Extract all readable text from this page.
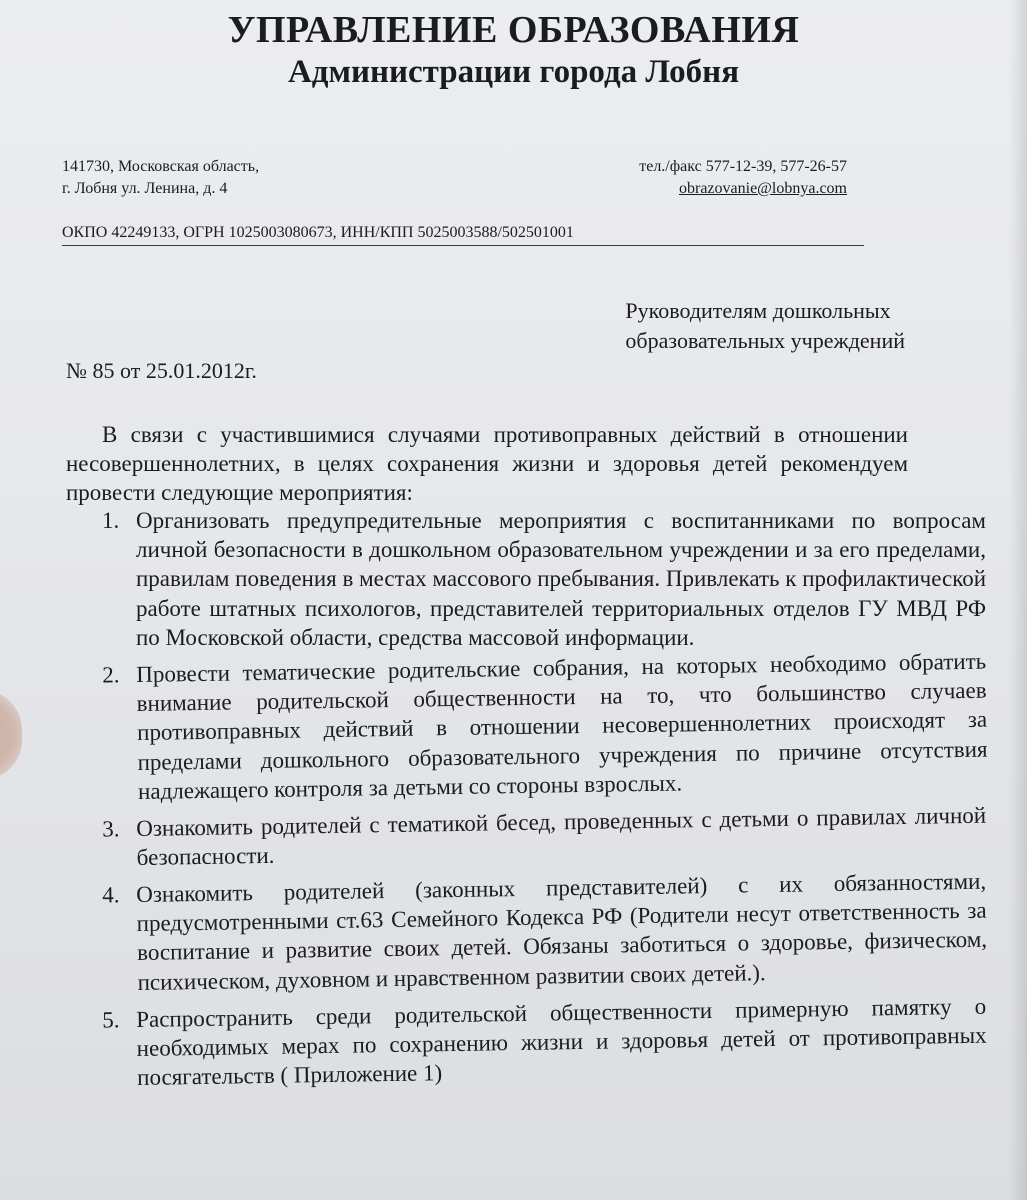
УПРАВЛЕНИЕ ОБРАЗОВАНИЯ
Администрации города Лобня
141730, Московская область,
г. Лобня ул. Ленина, д. 4
тел./факс 577-12-39, 577-26-57
obrazovanie@lobnya.com
ОКПО 42249133, ОГРН 1025003080673, ИНН/КПП 5025003588/502501001
Руководителям дошкольных
образовательных учреждений

№ 85 от 25.01.2012г.

В связи с участившимися случаями противоправных действий в отношении несовершеннолетних, в целях сохранения жизни и здоровья детей рекомендуем провести следующие мероприятия:

Организовать предупредительные мероприятия с воспитанниками по вопросам личной безопасности в дошкольном образовательном учреждении и за его пределами, правилам поведения в местах массового пребывания. Привлекать к профилактической работе штатных психологов, представителей территориальных отделов ГУ МВД РФ по Московской области, средства массовой информации.
Провести тематические родительские собрания, на которых необходимо обратить внимание родительской общественности на то, что большинство случаев противоправных действий в отношении несовершеннолетних происходят за пределами дошкольного образовательного учреждения по причине отсутствия надлежащего контроля за детьми со стороны взрослых.
Ознакомить родителей с тематикой бесед, проведенных с детьми о правилах личной безопасности.
Ознакомить родителей (законных представителей) с их обязанностями, предусмотренными ст.63 Семейного Кодекса РФ (Родители несут ответственность за воспитание и развитие своих детей. Обязаны заботиться о здоровье, физическом, психическом, духовном и нравственном развитии своих детей.).
Распространить среди родительской общественности примерную памятку о необходимых мерах по сохранению жизни и здоровья детей от противоправных посягательств ( Приложение 1)
